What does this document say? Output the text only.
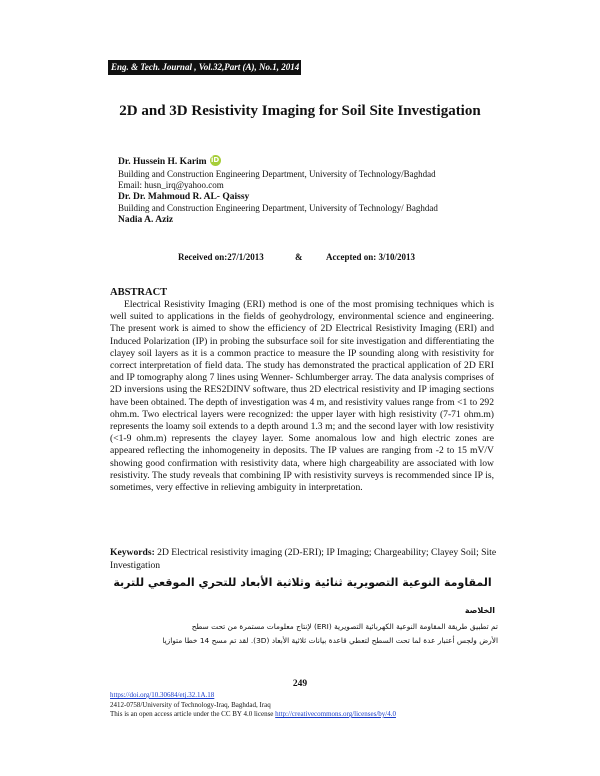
Eng. & Tech. Journal , Vol.32,Part (A), No.1, 2014
2D and 3D Resistivity Imaging for Soil Site Investigation
Dr. Hussein H. Karim iD
Building and Construction Engineering Department, University of Technology/Baghdad
Email: husn_irq@yahoo.com
Dr. Dr. Mahmoud R. AL- Qaissy
Building and Construction Engineering Department, University of Technology/ Baghdad
Nadia A. Aziz
Received on:27/1/2013	&	Accepted on: 3/10/2013
ABSTRACT
Electrical Resistivity Imaging (ERI) method is one of the most promising techniques which is well suited to applications in the fields of geohydrology, environmental science and engineering. The present work is aimed to show the efficiency of 2D Electrical Resistivity Imaging (ERI) and Induced Polarization (IP) in probing the subsurface soil for site investigation and differentiating the clayey soil layers as it is a common practice to measure the IP sounding along with resistivity for correct interpretation of field data. The study has demonstrated the practical application of 2D ERI and IP tomography along 7 lines using Wenner- Schlumberger array. The data analysis comprises of 2D inversions using the RES2DINV software, thus 2D electrical resistivity and IP imaging sections have been obtained. The depth of investigation was 4 m, and resistivity values range from <1 to 292 ohm.m. Two electrical layers were recognized: the upper layer with high resistivity (7-71 ohm.m) represents the loamy soil extends to a depth around 1.3 m; and the second layer with low resistivity (<1-9 ohm.m) represents the clayey layer. Some anomalous low and high electric zones are appeared reflecting the inhomogeneity in deposits. The IP values are ranging from -2 to 15 mV/V showing good confirmation with resistivity data, where high chargeability are associated with low resistivity. The study reveals that combining IP with resistivity surveys is recommended since IP is, sometimes, very effective in relieving ambiguity in interpretation.
Keywords: 2D Electrical resistivity imaging (2D-ERI); IP Imaging; Chargeability; Clayey Soil; Site Investigation
المقاومة النوعية التصويرية ثنائية وثلاثية الأبعاد للتحري الموقعي للتربة
الخلاصة
تم تطبيق طريقة المقاومة النوعية الكهربائية التصويرية (ERI) لإنتاج معلومات مستمرة من تحت سطح
الأرض ولجس أعتبار عدة لما تحت السطح لتعطي قاعدة بيانات ثلاثية الأبعاد (3D). لقد تم مسح 14 خطا متوازيا
249
https://doi.org/10.30684/etj.32.1A.18
2412-0758/University of Technology-Iraq, Baghdad, Iraq
This is an open access article under the CC BY 4.0 license http://creativecommons.org/licenses/by/4.0
